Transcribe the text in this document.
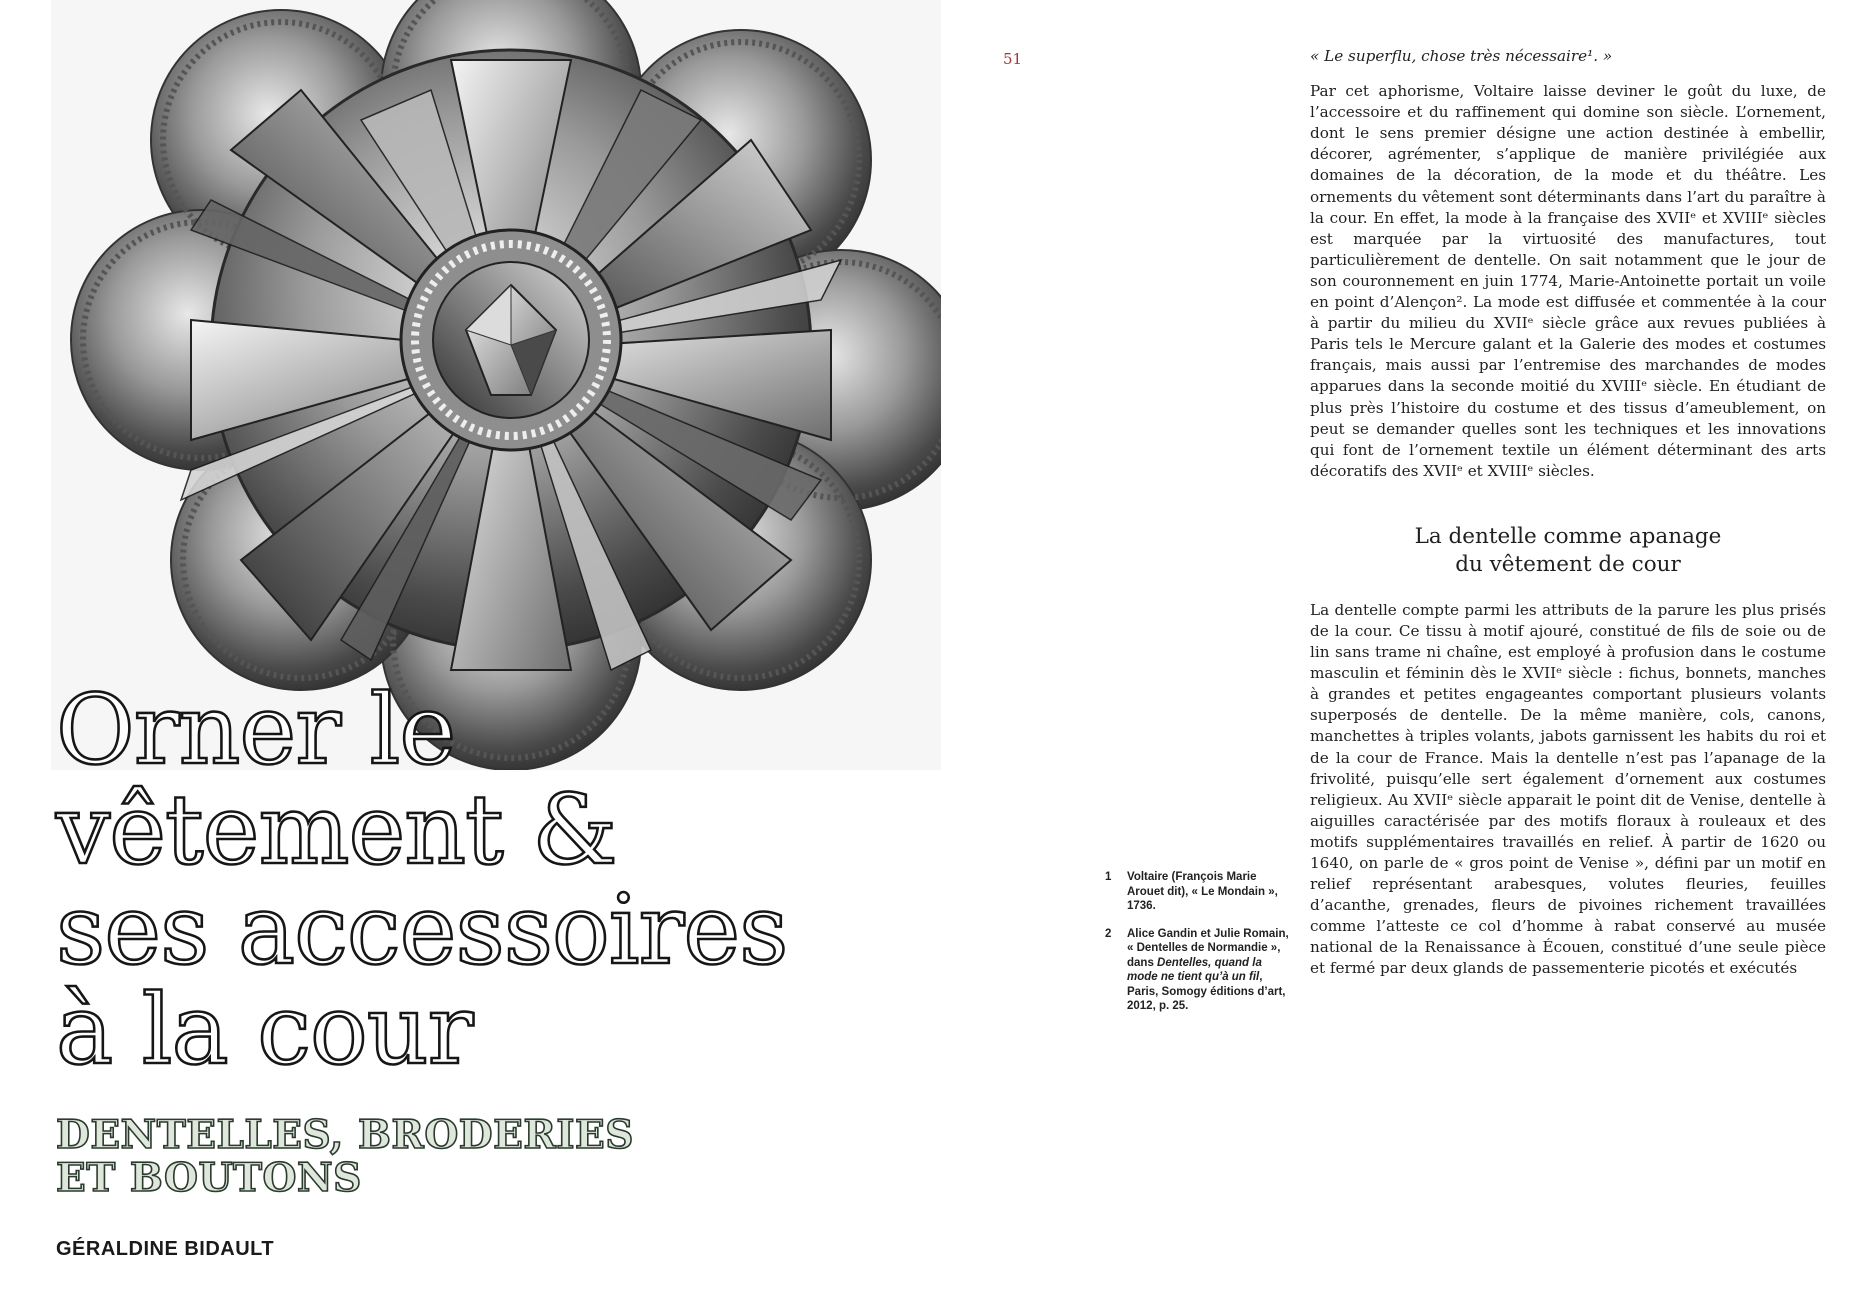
Orner le
vêtement &
ses accessoires
à la cour
DENTELLES, BRODERIES
ET BOUTONS
GÉRALDINE BIDAULT
51
1 Voltaire (François Marie Arouet dit), « Le Mondain », 1736.
2 Alice Gandin et Julie Romain, « Dentelles de Normandie », dans Dentelles, quand la mode ne tient qu’à un fil, Paris, Somogy éditions d’art, 2012, p. 25.
« Le superflu, chose très nécessaire¹. »

Par cet aphorisme, Voltaire laisse deviner le goût du luxe, de l’accessoire et du raffinement qui domine son siècle. L’ornement, dont le sens premier désigne une action destinée à embellir, décorer, agrémenter, s’applique de manière privilégiée aux domaines de la décoration, de la mode et du théâtre. Les ornements du vêtement sont déterminants dans l’art du paraître à la cour. En effet, la mode à la française des XVIIᵉ et XVIIIᵉ siècles est marquée par la virtuosité des manufactures, tout particulièrement de dentelle. On sait notamment que le jour de son couronnement en juin 1774, Marie-Antoinette portait un voile en point d’Alençon². La mode est diffusée et commentée à la cour à partir du milieu du XVIIᵉ siècle grâce aux revues publiées à Paris tels le Mercure galant et la Galerie des modes et costumes français, mais aussi par l’entremise des marchandes de modes apparues dans la seconde moitié du XVIIIᵉ siècle. En étudiant de plus près l’histoire du costume et des tissus d’ameublement, on peut se demander quelles sont les techniques et les innovations qui font de l’ornement textile un élément déterminant des arts décoratifs des XVIIᵉ et XVIIIᵉ siècles.

La dentelle comme apanage
du vêtement de cour

La dentelle compte parmi les attributs de la parure les plus prisés de la cour. Ce tissu à motif ajouré, constitué de fils de soie ou de lin sans trame ni chaîne, est employé à profusion dans le costume masculin et féminin dès le XVIIᵉ siècle : fichus, bonnets, manches à grandes et petites engageantes comportant plusieurs volants superposés de dentelle. De la même manière, cols, canons, manchettes à triples volants, jabots garnissent les habits du roi et de la cour de France. Mais la dentelle n’est pas l’apanage de la frivolité, puisqu’elle sert également d’ornement aux costumes religieux. Au XVIIᵉ siècle apparait le point dit de Venise, dentelle à aiguilles caractérisée par des motifs floraux à rouleaux et des motifs supplémentaires travaillés en relief. À partir de 1620 ou 1640, on parle de « gros point de Venise », défini par un motif en relief représentant arabesques, volutes fleuries, feuilles d’acanthe, grenades, fleurs de pivoines richement travaillées comme l’atteste ce col d’homme à rabat conservé au musée national de la Renaissance à Écouen, constitué d’une seule pièce et fermé par deux glands de passementerie picotés et exécutés
